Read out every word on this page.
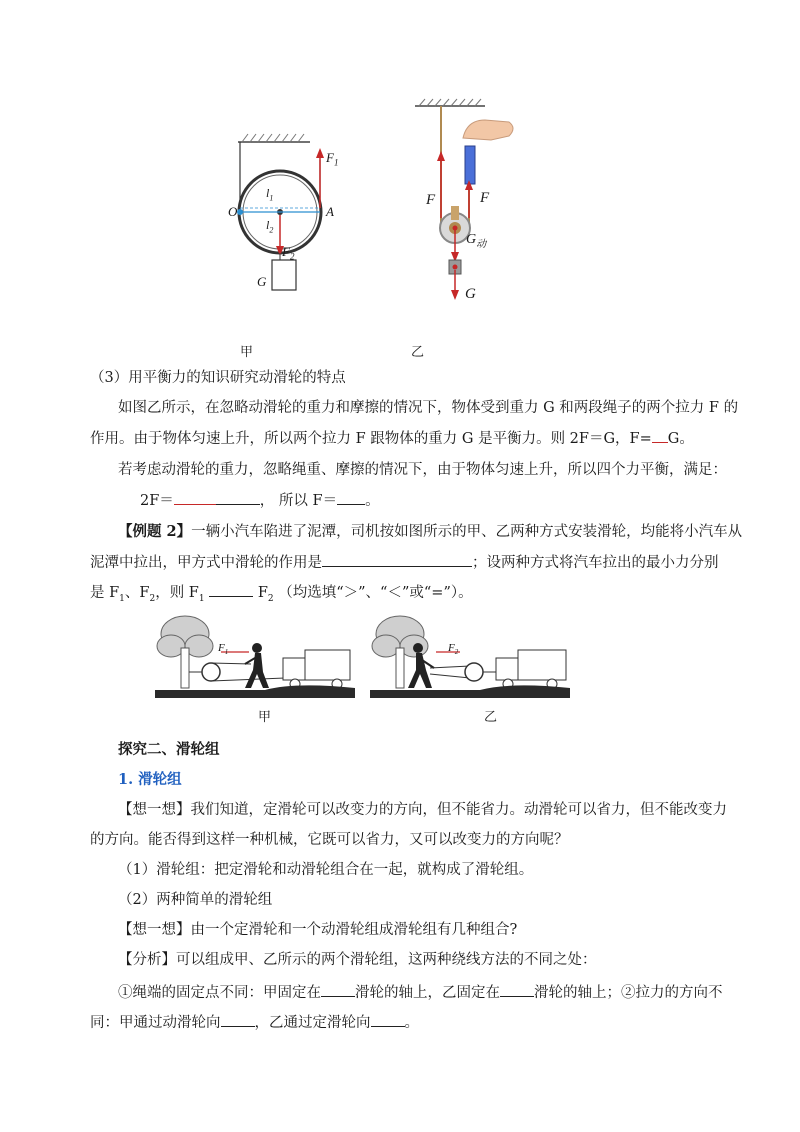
O	A
$F_1$
$F_2$
$l_1$
$l_2$
G
F	F
$G_动$
G
甲	乙
（3）用平衡力的知识研究动滑轮的特点
如图乙所示，在忽略动滑轮的重力和摩擦的情况下，物体受到重力 G 和两段绳子的两个拉力 F 的
作用。由于物体匀速上升，所以两个拉力 F 跟物体的重力 G 是平衡力。则 2F＝G，F= G。
若考虑动滑轮的重力，忽略绳重、摩擦的情况下，由于物体匀速上升，所以四个力平衡，满足：
2F＝	， 所以 F＝ 。
【例题 2】一辆小汽车陷进了泥潭，司机按如图所示的甲、乙两种方式安装滑轮，均能将小汽车从
泥潭中拉出，甲方式中滑轮的作用是	；设两种方式将汽车拉出的最小力分别
是 $F_1$、$F_2$，则 $F_1$	$F_2$ （均选填“＞”、“＜”或“=”）。
$F_1$	$F_2$
甲	乙
探究二、滑轮组
1. 滑轮组
【想一想】我们知道，定滑轮可以改变力的方向，但不能省力。动滑轮可以省力，但不能改变力
的方向。能否得到这样一种机械，它既可以省力，又可以改变力的方向呢？
（1）滑轮组：把定滑轮和动滑轮组合在一起，就构成了滑轮组。
（2）两种简单的滑轮组
【想一想】由一个定滑轮和一个动滑轮组成滑轮组有几种组合?
【分析】可以组成甲、乙所示的两个滑轮组，这两种绕线方法的不同之处：
①绳端的固定点不同：甲固定在 滑轮的轴上，乙固定在 滑轮的轴上；②拉力的方向不
同：甲通过动滑轮向 ，乙通过定滑轮向 。
